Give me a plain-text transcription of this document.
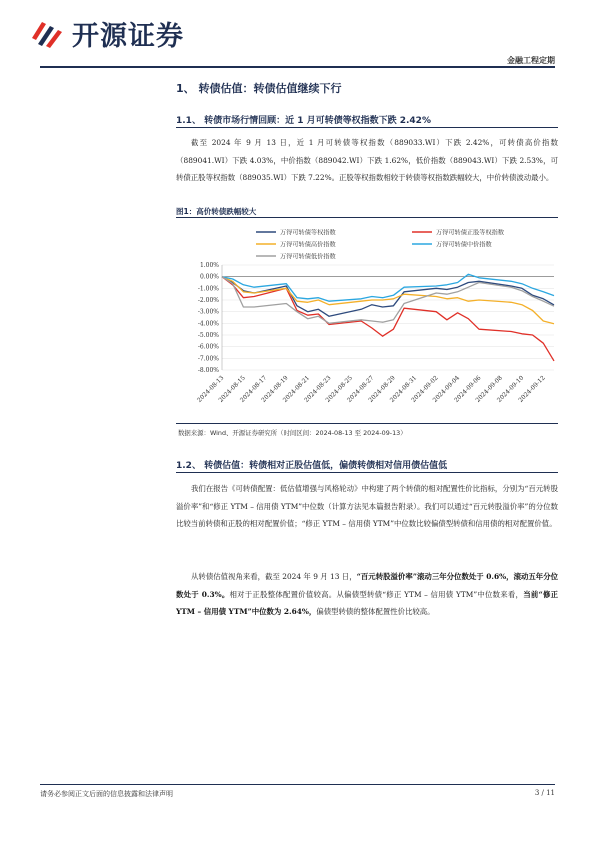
开源证券
金融工程定期
1、 转债估值：转债估值继续下行
1.1、 转债市场行情回顾：近 1 月可转债等权指数下跌 2.42%
截至 2024 年 9 月 13 日，近 1 月可转债等权指数（889033.WI）下跌 2.42%，可转债高价指数（889041.WI）下跌 4.03%，中价指数（889042.WI）下跌 1.62%，低价指数（889043.WI）下跌 2.53%，可转债正股等权指数（889035.WI）下跌 7.22%。正股等权指数相较于转债等权指数跌幅较大，中价转债波动最小。
图1：高价转债跌幅较大
万得可转债等权指数	万得可转债正股等权指数
万得可转债高价指数	万得可转债中价指数
万得可转债低价指数
1.00%
0.00%
-1.00%
-2.00%
-3.00%
-4.00%
-5.00%
-6.00%
-7.00%
-8.00%
2024-08-13
2024-08-15
2024-08-17
2024-08-19
2024-08-21
2024-08-23
2024-08-25
2024-08-27
2024-08-29
2024-08-31
2024-09-02
2024-09-04
2024-09-06
2024-09-08
2024-09-10
2024-09-12
数据来源：Wind、开源证券研究所（时间区间：2024-08-13 至 2024-09-13）
1.2、 转债估值：转债相对正股估值低，偏债转债相对信用债估值低
我们在报告《可转债配置：低估值增强与风格轮动》中构建了两个转债的相对配置性价比指标，分别为“百元转股溢价率”和“修正 YTM – 信用债 YTM”中位数（计算方法见本篇报告附录）。我们可以通过“百元转股溢价率”的分位数比较当前转债和正股的相对配置价值；“修正 YTM – 信用债 YTM”中位数比较偏债型转债和信用债的相对配置价值。
从转债估值视角来看，截至 2024 年 9 月 13 日，“百元转股溢价率”滚动三年分位数处于 0.6%，滚动五年分位数处于 0.3%。相对于正股整体配置价值较高。从偏债型转债“修正 YTM – 信用债 YTM”中位数来看，当前“修正 YTM – 信用债 YTM”中位数为 2.64%，偏债型转债的整体配置性价比较高。
请务必参阅正文后面的信息披露和法律声明	3 / 11
